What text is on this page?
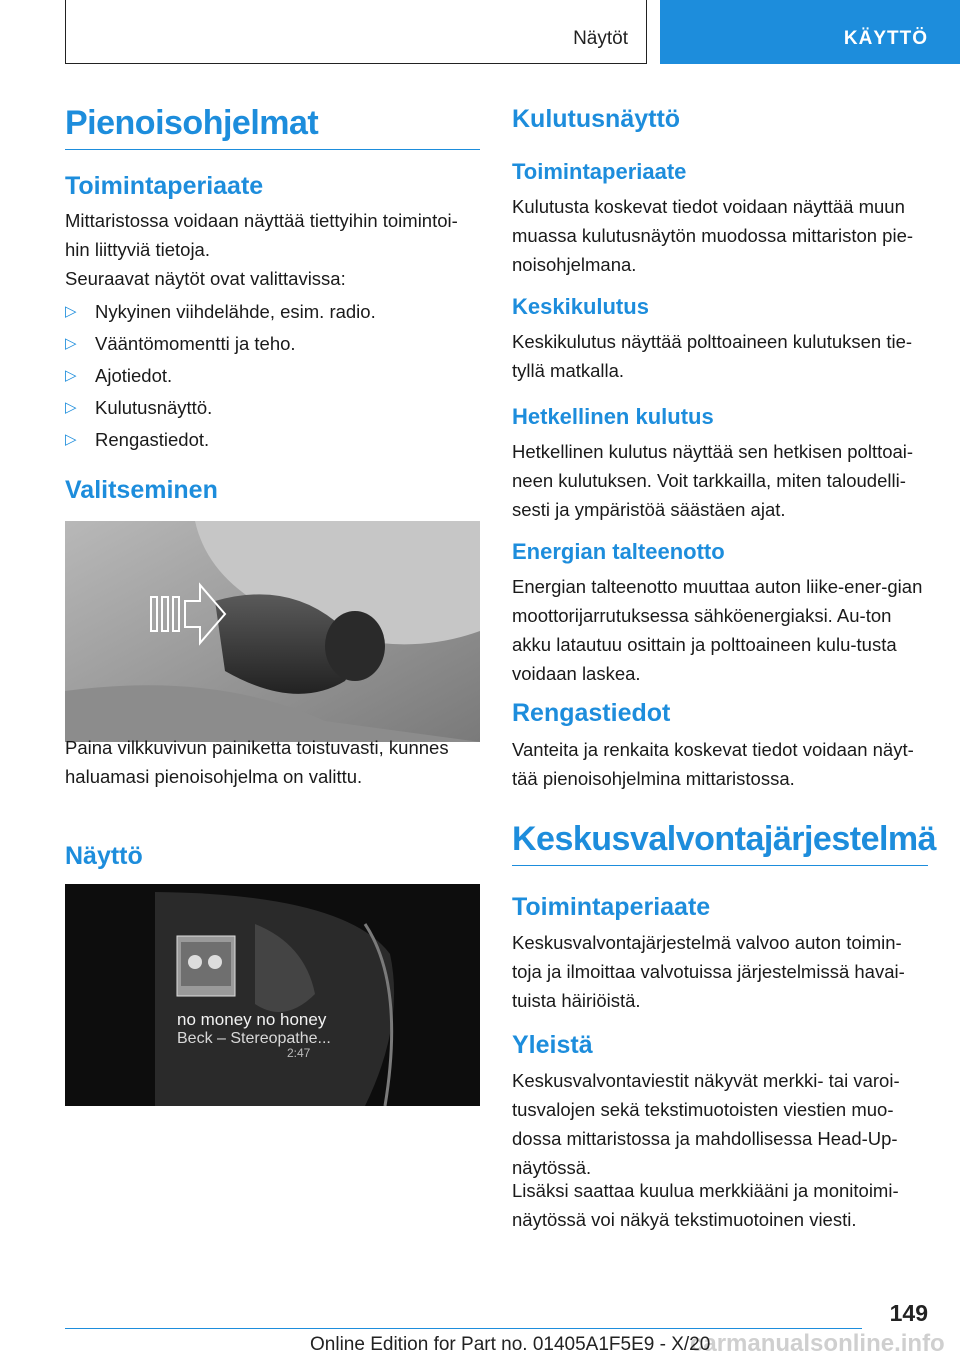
Näytöt	KÄYTTÖ
Pienoisohjelmat
Toimintaperiaate

Mittaristossa voidaan näyttää tiettyihin toimintoi-hin liittyviä tietoja.

Seuraavat näytöt ovat valittavissa:

▷ Nykyinen viihdelähde, esim. radio.
▷ Vääntömomentti ja teho.
▷ Ajotiedot.
▷ Kulutusnäyttö.
▷ Rengastiedot.
Valitseminen

Paina vilkkuvivun painiketta toistuvasti, kunnes haluamasi pienoisohjelma on valittu.

Näyttö
no money no honey
Beck – Stereopathe...
2:47
Kulutusnäyttö
Toimintaperiaate

Kulutusta koskevat tiedot voidaan näyttää muun muassa kulutusnäytön muodossa mittariston pie-noisohjelmana.

Keskikulutus

Keskikulutus näyttää polttoaineen kulutuksen tie-tyllä matkalla.

Hetkellinen kulutus

Hetkellinen kulutus näyttää sen hetkisen polttoai-neen kulutuksen. Voit tarkkailla, miten taloudelli-sesti ja ympäristöä säästäen ajat.

Energian talteenotto

Energian talteenotto muuttaa auton liike-ener-gian moottorijarrutuksessa sähköenergiaksi. Au-ton akku latautuu osittain ja polttoaineen kulu-tusta voidaan laskea.

Rengastiedot

Vanteita ja renkaita koskevat tiedot voidaan näyt-tää pienoisohjelmina mittaristossa.

Keskusvalvontajärjestelmä
Toimintaperiaate

Keskusvalvontajärjestelmä valvoo auton toimin-toja ja ilmoittaa valvotuissa järjestelmissä havai-tuista häiriöistä.

Yleistä

Keskusvalvontaviestit näkyvät merkki- tai varoi-tusvalojen sekä tekstimuotoisten viestien muo-dossa mittaristossa ja mahdollisessa Head-Up-näytössä.

Lisäksi saattaa kuulua merkkiääni ja monitoimi-näytössä voi näkyä tekstimuotoinen viesti.

149
carmanualsonline.info
Online Edition for Part no. 01405A1F5E9 - X/20
